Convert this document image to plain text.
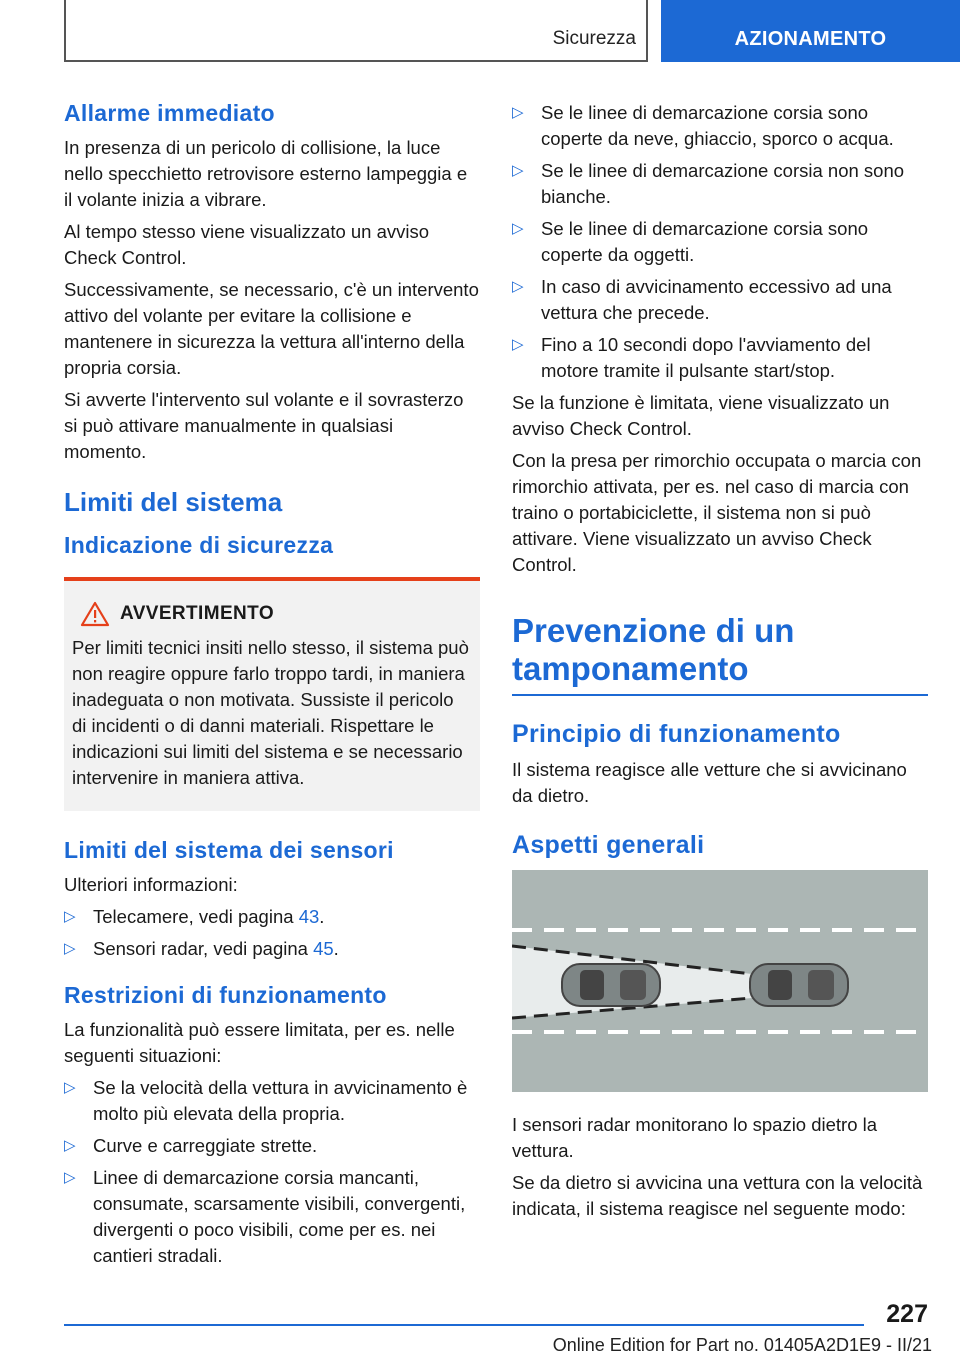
Sicurezza	AZIONAMENTO
Allarme immediato

In presenza di un pericolo di collisione, la luce nello specchietto retrovisore esterno lampeggia e il volante inizia a vibrare.

Al tempo stesso viene visualizzato un avviso Check Control.

Successivamente, se necessario, c'è un intervento attivo del volante per evitare la collisione e mantenere in sicurezza la vettura all'interno della propria corsia.

Si avverte l'intervento sul volante e il sovrasterzo si può attivare manualmente in qualsiasi momento.

Limiti del sistema
Indicazione di sicurezza
AVVERTIMENTO

Per limiti tecnici insiti nello stesso, il sistema può non reagire oppure farlo troppo tardi, in maniera inadeguata o non motivata. Sussiste il pericolo di incidenti o di danni materiali. Rispettare le indicazioni sui limiti del sistema e se necessario intervenire in maniera attiva.

Limiti del sistema dei sensori

Ulteriori informazioni:

▷ Telecamere, vedi pagina 43.
▷ Sensori radar, vedi pagina 45.
Restrizioni di funzionamento

La funzionalità può essere limitata, per es. nelle seguenti situazioni:

▷ Se la velocità della vettura in avvicinamento è molto più elevata della propria.
▷ Curve e carreggiate strette.
▷ Linee di demarcazione corsia mancanti, consumate, scarsamente visibili, convergenti, divergenti o poco visibili, come per es. nei cantieri stradali.
▷ Se le linee di demarcazione corsia sono coperte da neve, ghiaccio, sporco o acqua.
▷ Se le linee di demarcazione corsia non sono bianche.
▷ Se le linee di demarcazione corsia sono coperte da oggetti.
▷ In caso di avvicinamento eccessivo ad una vettura che precede.
▷ Fino a 10 secondi dopo l'avviamento del motore tramite il pulsante start/stop.

Se la funzione è limitata, viene visualizzato un avviso Check Control.

Con la presa per rimorchio occupata o marcia con rimorchio attivata, per es. nel caso di marcia con traino o portabiciclette, il sistema non si può attivare. Viene visualizzato un avviso Check Control.

Prevenzione di un tamponamento
Principio di funzionamento

Il sistema reagisce alle vetture che si avvicinano da dietro.

Aspetti generali

I sensori radar monitorano lo spazio dietro la vettura.

Se da dietro si avvicina una vettura con la velocità indicata, il sistema reagisce nel seguente modo:

227
Online Edition for Part no. 01405A2D1E9 - II/21
